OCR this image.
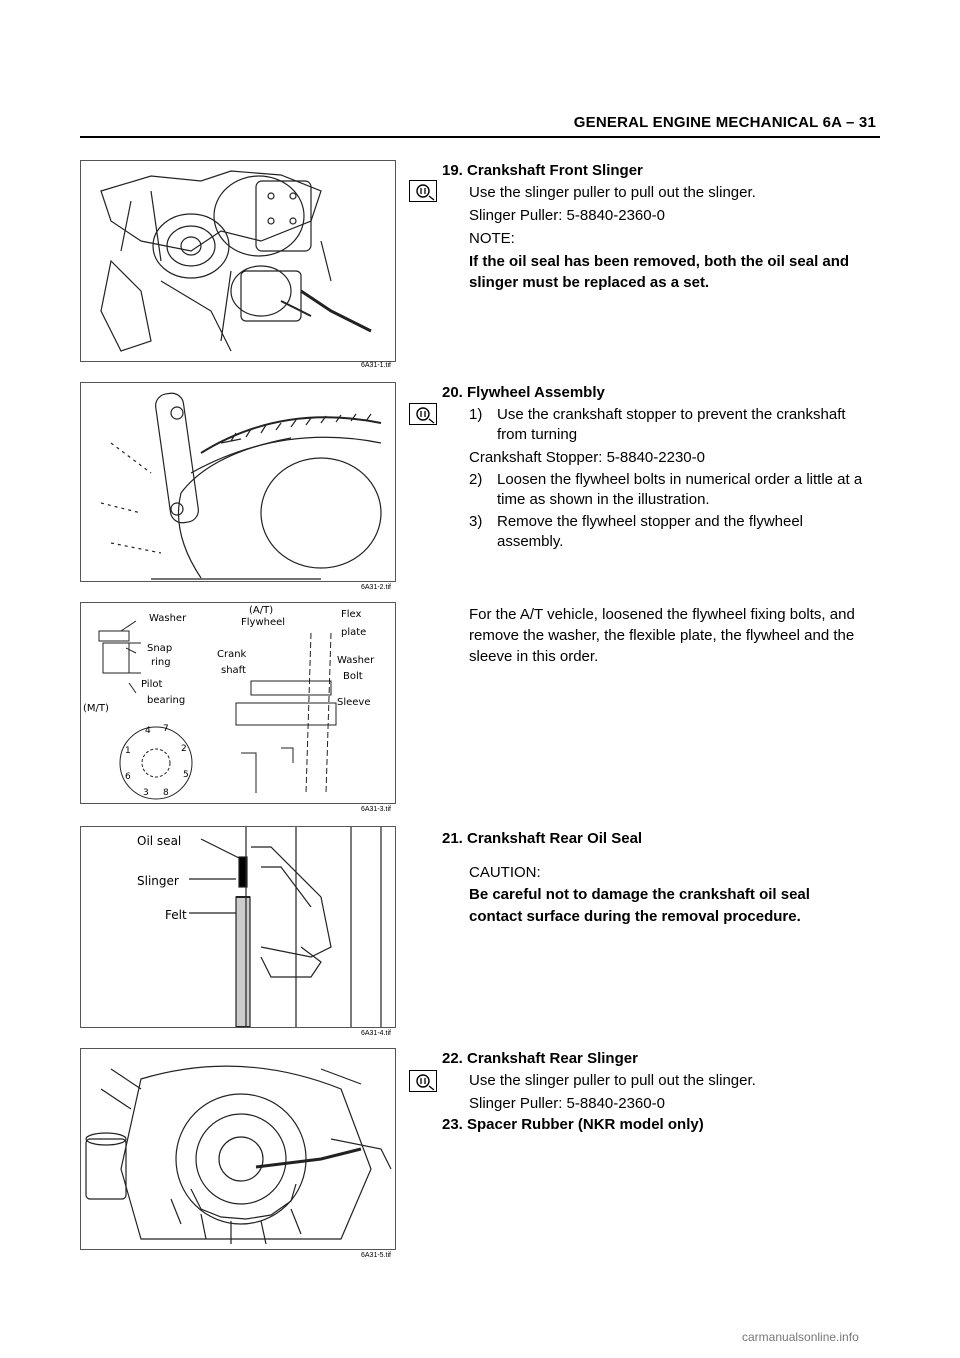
GENERAL ENGINE MECHANICAL 6A – 31
6A31-1.tif
19. Crankshaft Front Slinger
Use the slinger puller to pull out the slinger.
Slinger Puller: 5-8840-2360-0
NOTE:
If the oil seal has been removed, both the oil seal and
slinger must be replaced as a set.
6A31-2.tif
20. Flywheel Assembly
1) Use the crankshaft stopper to prevent the crankshaft
from turning
Crankshaft Stopper: 5-8840-2230-0
2) Loosen the flywheel bolts in numerical order a little at a
time as shown in the illustration.
3) Remove the flywheel stopper and the flywheel
assembly.
Washer
(A/T)
Flywheel
Flex
plate
Snap
ring
Crank
shaft
Washer
Bolt
Pilot
bearing
(M/T)
Sleeve
4 7
1	2
6	5
3 8
6A31-3.tif
For the A/T vehicle, loosened the flywheel fixing bolts, and
remove the washer, the flexible plate, the flywheel and the
sleeve in this order.
Oil seal
Slinger
Felt
6A31-4.tif
21. Crankshaft Rear Oil Seal
CAUTION:
Be careful not to damage the crankshaft oil seal
contact surface during the removal procedure.
6A31-5.tif
22. Crankshaft Rear Slinger
Use the slinger puller to pull out the slinger.
Slinger Puller: 5-8840-2360-0
23. Spacer Rubber (NKR model only)
carmanualsonline.info
